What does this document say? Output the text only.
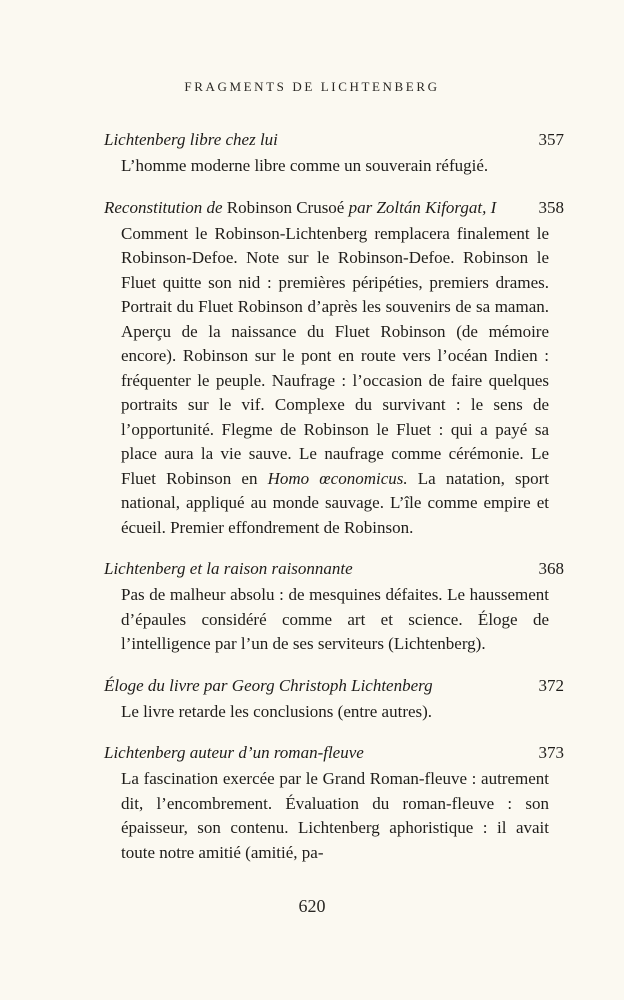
FRAGMENTS DE LICHTENBERG
Lichtenberg libre chez lui	357
L’homme moderne libre comme un souverain réfugié.
Reconstitution de Robinson Crusoé par Zoltán Kiforgat, I 358
Comment le Robinson-Lichtenberg remplacera finalement le Robinson-Defoe. Note sur le Robinson-Defoe. Robinson le Fluet quitte son nid : premières péripéties, premiers drames. Portrait du Fluet Robinson d’après les souvenirs de sa maman. Aperçu de la naissance du Fluet Robinson (de mémoire encore). Robinson sur le pont en route vers l’océan Indien : fréquenter le peuple. Naufrage : l’occasion de faire quelques portraits sur le vif. Complexe du survivant : le sens de l’opportunité. Flegme de Robinson le Fluet : qui a payé sa place aura la vie sauve. Le naufrage comme cérémonie. Le Fluet Robinson en Homo œconomicus. La natation, sport national, appliqué au monde sauvage. L’île comme empire et écueil. Premier effondrement de Robinson.
Lichtenberg et la raison raisonnante	368
Pas de malheur absolu : de mesquines défaites. Le haussement d’épaules considéré comme art et science. Éloge de l’intelligence par l’un de ses serviteurs (Lichtenberg).
Éloge du livre par Georg Christoph Lichtenberg	372
Le livre retarde les conclusions (entre autres).
Lichtenberg auteur d’un roman-fleuve	373
La fascination exercée par le Grand Roman-fleuve : autrement dit, l’encombrement. Évaluation du roman-fleuve : son épaisseur, son contenu. Lichtenberg aphoristique : il avait toute notre amitié (amitié, pa-
620
